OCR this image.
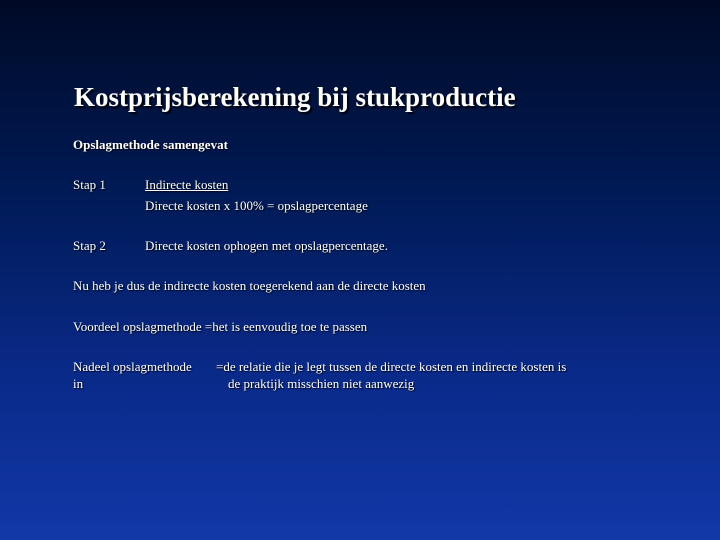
Kostprijsberekening bij stukproductie
Opslagmethode samengevat
Stap 1	Indirecte kosten
Directe kosten x 100% = opslagpercentage
Stap 2	Directe kosten ophogen met opslagpercentage.
Nu heb je dus de indirecte kosten toegerekend aan de directe kosten
Voordeel opslagmethode =het is eenvoudig toe te passen
Nadeel opslagmethode =de relatie die je legt tussen de directe kosten en indirecte kosten is
in	de praktijk misschien niet aanwezig
